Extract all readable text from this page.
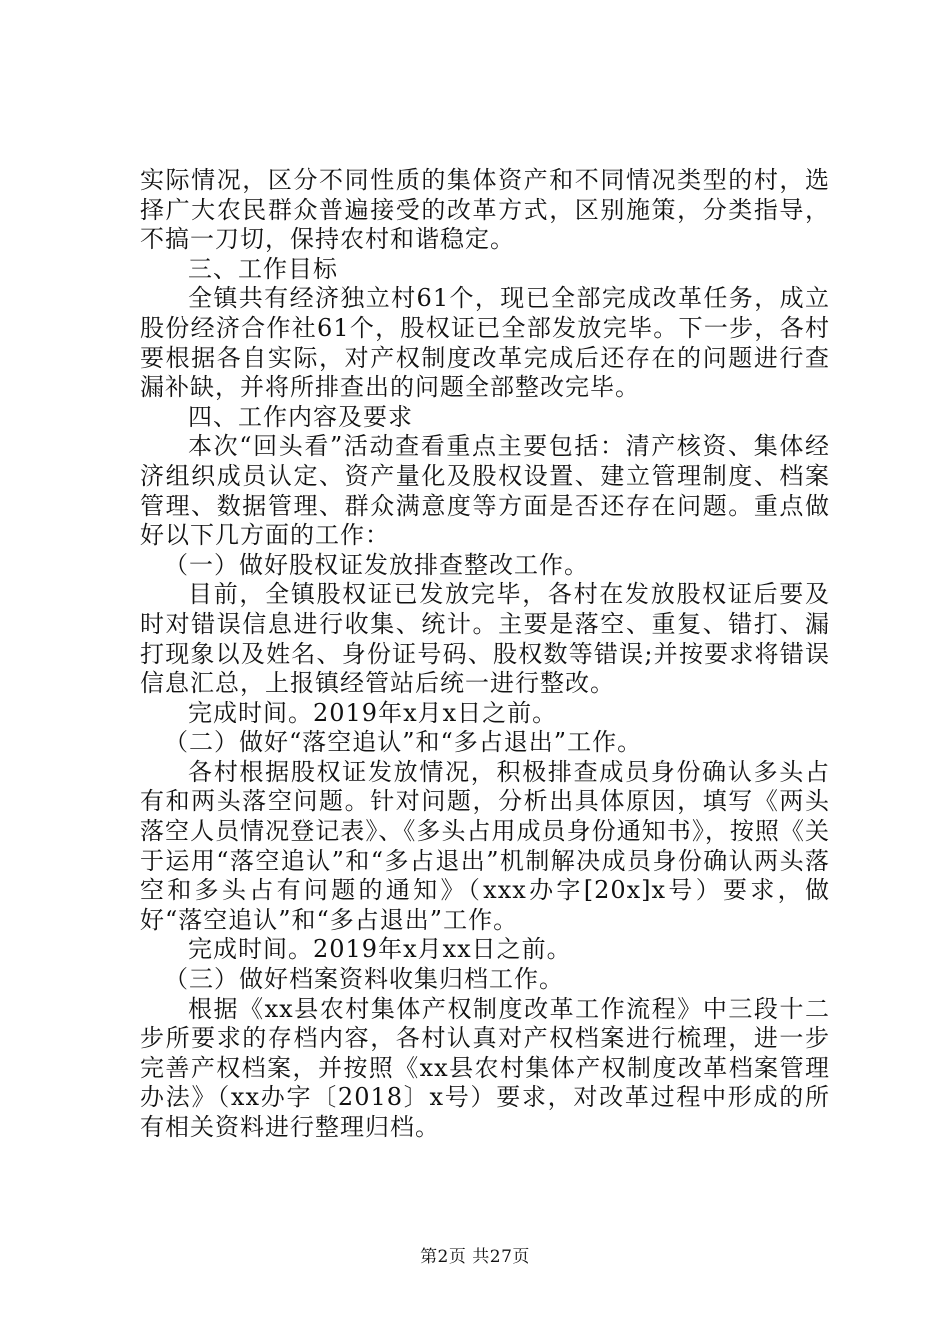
实际情况，区分不同性质的集体资产和不同情况类型的村，选择广大农民群众普遍接受的改革方式，区别施策，分类指导，不搞一刀切，保持农村和谐稳定。

三、工作目标

全镇共有经济独立村61个，现已全部完成改革任务，成立股份经济合作社61个，股权证已全部发放完毕。下一步，各村要根据各自实际，对产权制度改革完成后还存在的问题进行查漏补缺，并将所排查出的问题全部整改完毕。

四、工作内容及要求

本次“回头看”活动查看重点主要包括：清产核资、集体经济组织成员认定、资产量化及股权设置、建立管理制度、档案管理、数据管理、群众满意度等方面是否还存在问题。重点做好以下几方面的工作：

（一）做好股权证发放排查整改工作。

目前，全镇股权证已发放完毕，各村在发放股权证后要及时对错误信息进行收集、统计。主要是落空、重复、错打、漏打现象以及姓名、身份证号码、股权数等错误;并按要求将错误信息汇总，上报镇经管站后统一进行整改。

完成时间。2019年x月x日之前。

（二）做好“落空追认”和“多占退出”工作。

各村根据股权证发放情况，积极排查成员身份确认多头占有和两头落空问题。针对问题，分析出具体原因，填写《两头落空人员情况登记表》、《多头占用成员身份通知书》，按照《关于运用“落空追认”和“多占退出”机制解决成员身份确认两头落空和多头占有问题的通知》（xxx办字[20x]x号）要求，做好“落空追认”和“多占退出”工作。

完成时间。2019年x月xx日之前。

（三）做好档案资料收集归档工作。

根据《xx县农村集体产权制度改革工作流程》中三段十二步所要求的存档内容，各村认真对产权档案进行梳理，进一步完善产权档案，并按照《xx县农村集体产权制度改革档案管理办法》（xx办字〔2018〕x号）要求，对改革过程中形成的所有相关资料进行整理归档。

第2页 共27页
